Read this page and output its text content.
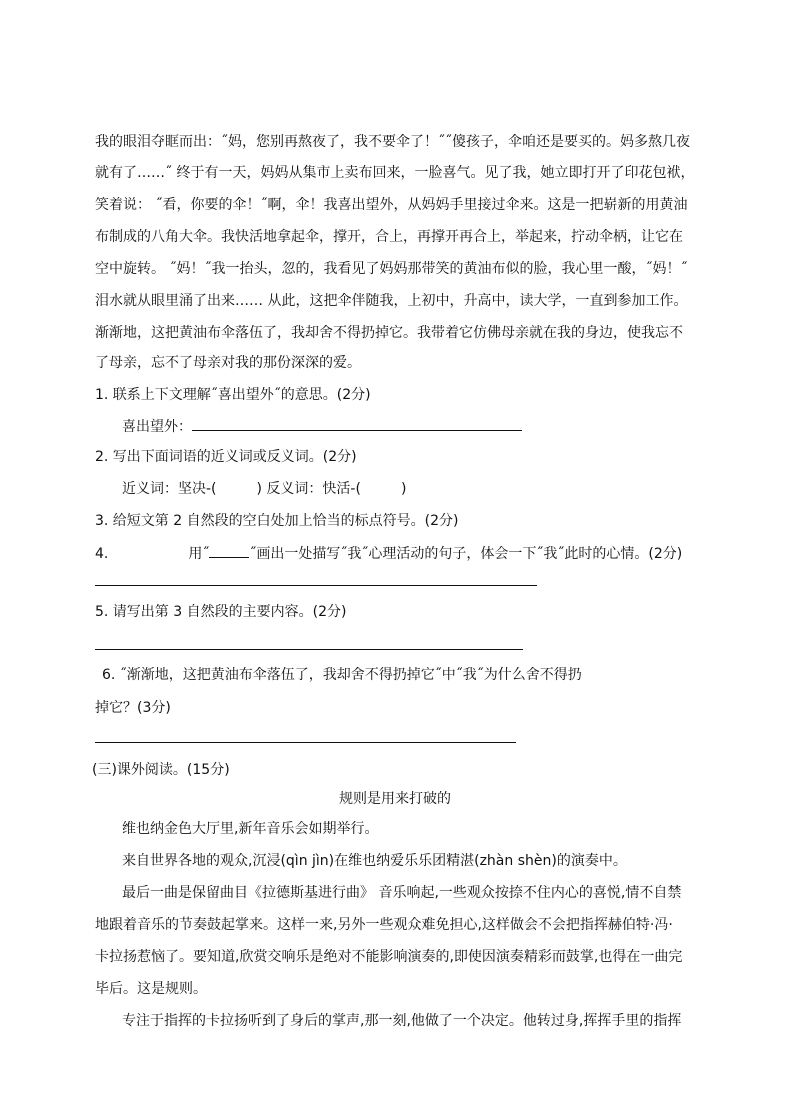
我的眼泪夺眶而出：˝妈，您别再熬夜了，我不要伞了！˝˝傻孩子，伞咱还是要买的。妈多熬几夜
就有了……˝ 终于有一天，妈妈从集市上卖布回来，一脸喜气。见了我，她立即打开了印花包袱，
笑着说： ˝看，你要的伞！˝啊，伞！我喜出望外，从妈妈手里接过伞来。这是一把崭新的用黄油
布制成的八角大伞。我快活地拿起伞，撑开，合上，再撑开再合上，举起来，拧动伞柄，让它在
空中旋转。 ˝妈！˝我一抬头，忽的，我看见了妈妈那带笑的黄油布似的脸，我心里一酸，˝妈！˝
泪水就从眼里涌了出来…… 从此，这把伞伴随我，上初中，升高中，读大学，一直到参加工作。
渐渐地，这把黄油布伞落伍了，我却舍不得扔掉它。我带着它仿佛母亲就在我的身边，使我忘不
了母亲，忘不了母亲对我的那份深深的爱。
1. 联系上下文理解˝喜出望外˝的意思。(2分)
喜出望外：
2. 写出下面词语的近义词或反义词。(2分)
近义词：坚决-(	) 反义词：快活-(	)
3. 给短文第 2 自然段的空白处加上恰当的标点符号。(2分)
4.	用˝	˝画出一处描写˝我˝心理活动的句子，体会一下˝我˝此时的心情。(2分)
5. 请写出第 3 自然段的主要内容。(2分)
6. ˝渐渐地，这把黄油布伞落伍了，我却舍不得扔掉它˝中˝我˝为什么舍不得扔
掉它？(3分)
(三)课外阅读。(15分)
规则是用来打破的
维也纳金色大厅里,新年音乐会如期举行。
来自世界各地的观众,沉浸(qìn jìn)在维也纳爱乐乐团精湛(zhàn shèn)的演奏中。
最后一曲是保留曲目《拉德斯基进行曲》 音乐响起,一些观众按捺不住内心的喜悦,情不自禁
地跟着音乐的节奏鼓起掌来。这样一来,另外一些观众难免担心,这样做会不会把指挥赫伯特·冯·
卡拉扬惹恼了。要知道,欣赏交响乐是绝对不能影响演奏的,即使因演奏精彩而鼓掌,也得在一曲完
毕后。这是规则。
专注于指挥的卡拉扬听到了身后的掌声,那一刻,他做了一个决定。他转过身,挥挥手里的指挥
